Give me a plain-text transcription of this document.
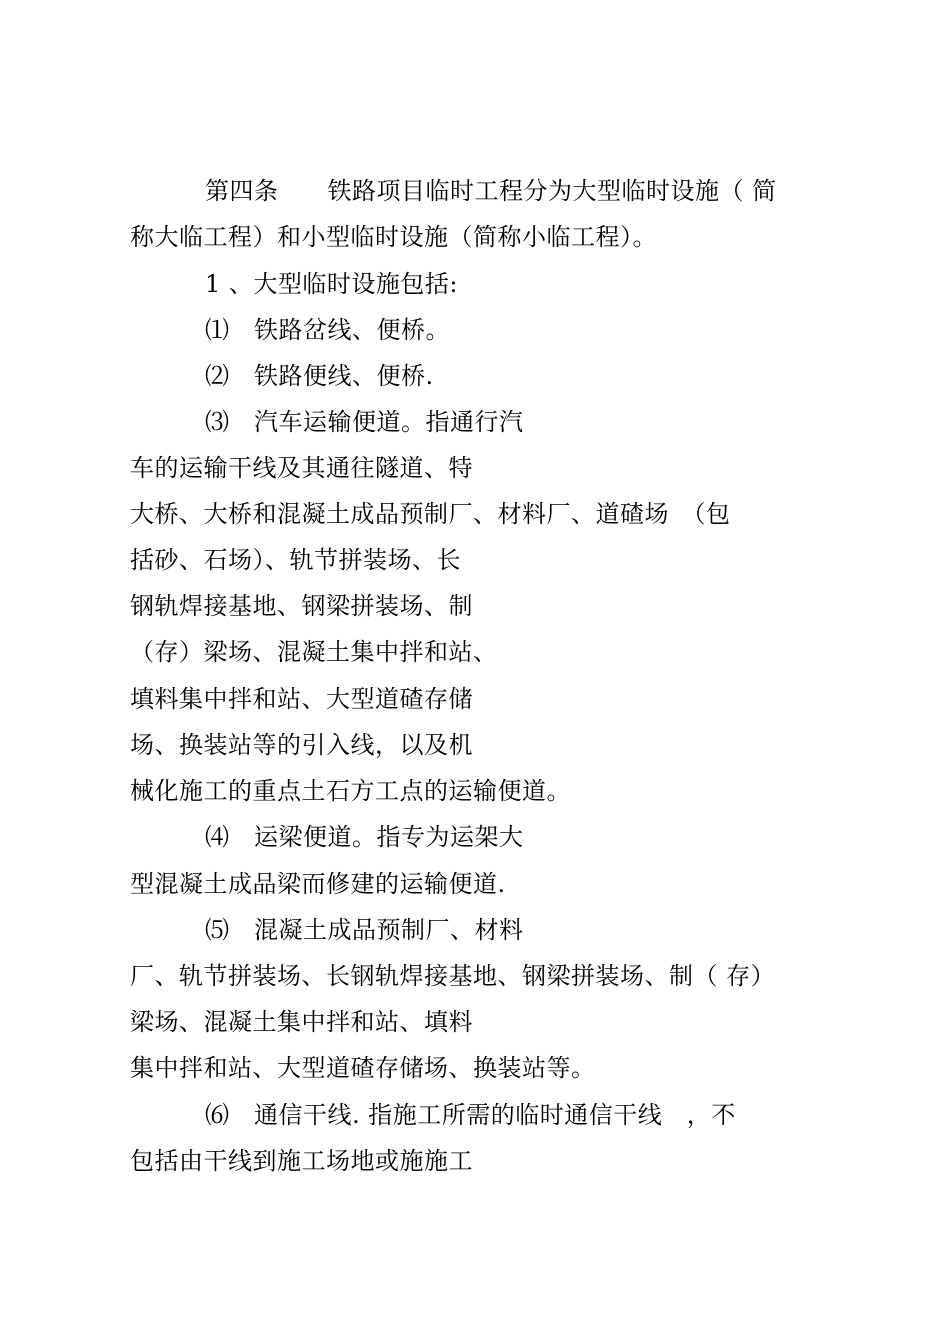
第四条　　铁路项目临时工程分为大型临时设施（ 简
称大临工程）和小型临时设施（简称小临工程）。
1 、大型临时设施包括:
⑴　铁路岔线、便桥。
⑵　铁路便线、便桥.
⑶　汽车运输便道。指通行汽
车的运输干线及其通往隧道、特
大桥、大桥和混凝土成品预制厂、材料厂、道碴场　（包
括砂、石场）、轨节拼装场、长
钢轨焊接基地、钢梁拼装场、制
（存）梁场、混凝土集中拌和站、
填料集中拌和站、大型道碴存储
场、换装站等的引入线，以及机
械化施工的重点土石方工点的运输便道。
⑷　运梁便道。指专为运架大
型混凝土成品梁而修建的运输便道.
⑸　混凝土成品预制厂、材料
厂、轨节拼装场、长钢轨焊接基地、钢梁拼装场、制（ 存）
梁场、混凝土集中拌和站、填料
集中拌和站、大型道碴存储场、换装站等。
⑹　通信干线. 指施工所需的临时通信干线　，不
包括由干线到施工场地或施施工
